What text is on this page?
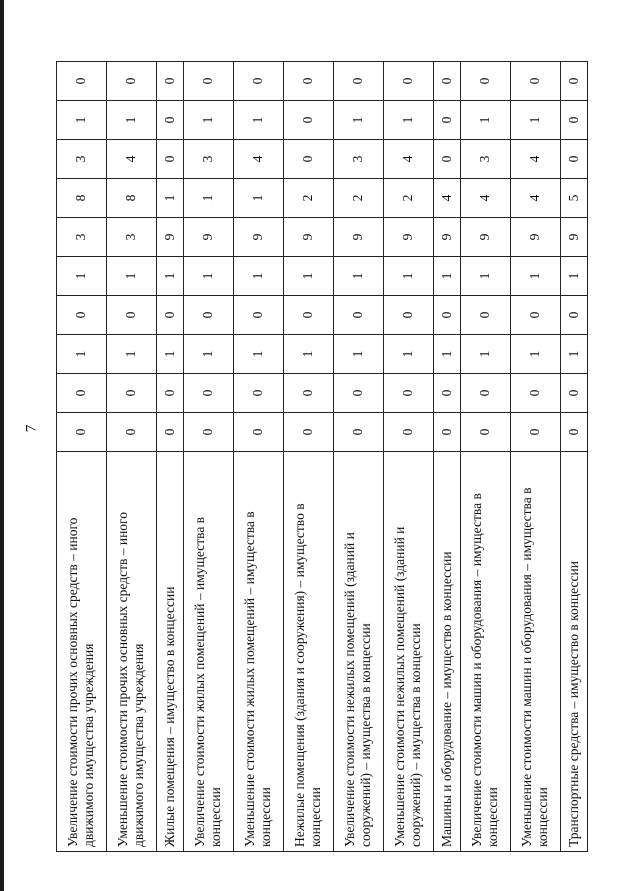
7
Увеличение стоимости прочих основных средств – иного движимого имущества учреждения	0	0	1	0	1	3	8	3	1	0
Уменьшение стоимости прочих основных средств – иного движимого имущества учреждения	0	0	1	0	1	3	8	4	1	0
Жилые помещения – имущество в концессии	0	0	1	0	1	9	1	0	0	0
Увеличение стоимости жилых помещений – имущества в концессии	0	0	1	0	1	9	1	3	1	0
Уменьшение стоимости жилых помещений – имущества в концессии	0	0	1	0	1	9	1	4	1	0
Нежилые помещения (здания и сооружения) – имущество в концессии	0	0	1	0	1	9	2	0	0	0
Увеличение стоимости нежилых помещений (зданий и сооружений) – имущества в концессии	0	0	1	0	1	9	2	3	1	0
Уменьшение стоимости нежилых помещений (зданий и сооружений) – имущества в концессии	0	0	1	0	1	9	2	4	1	0
Машины и оборудование – имущество в концессии	0	0	1	0	1	9	4	0	0	0
Увеличение стоимости машин и оборудования – имущества в концессии	0	0	1	0	1	9	4	3	1	0
Уменьшение стоимости машин и оборудования – имущества в концессии	0	0	1	0	1	9	4	4	1	0
Транспортные средства – имущество в концессии	0	0	1	0	1	9	5	0	0	0
